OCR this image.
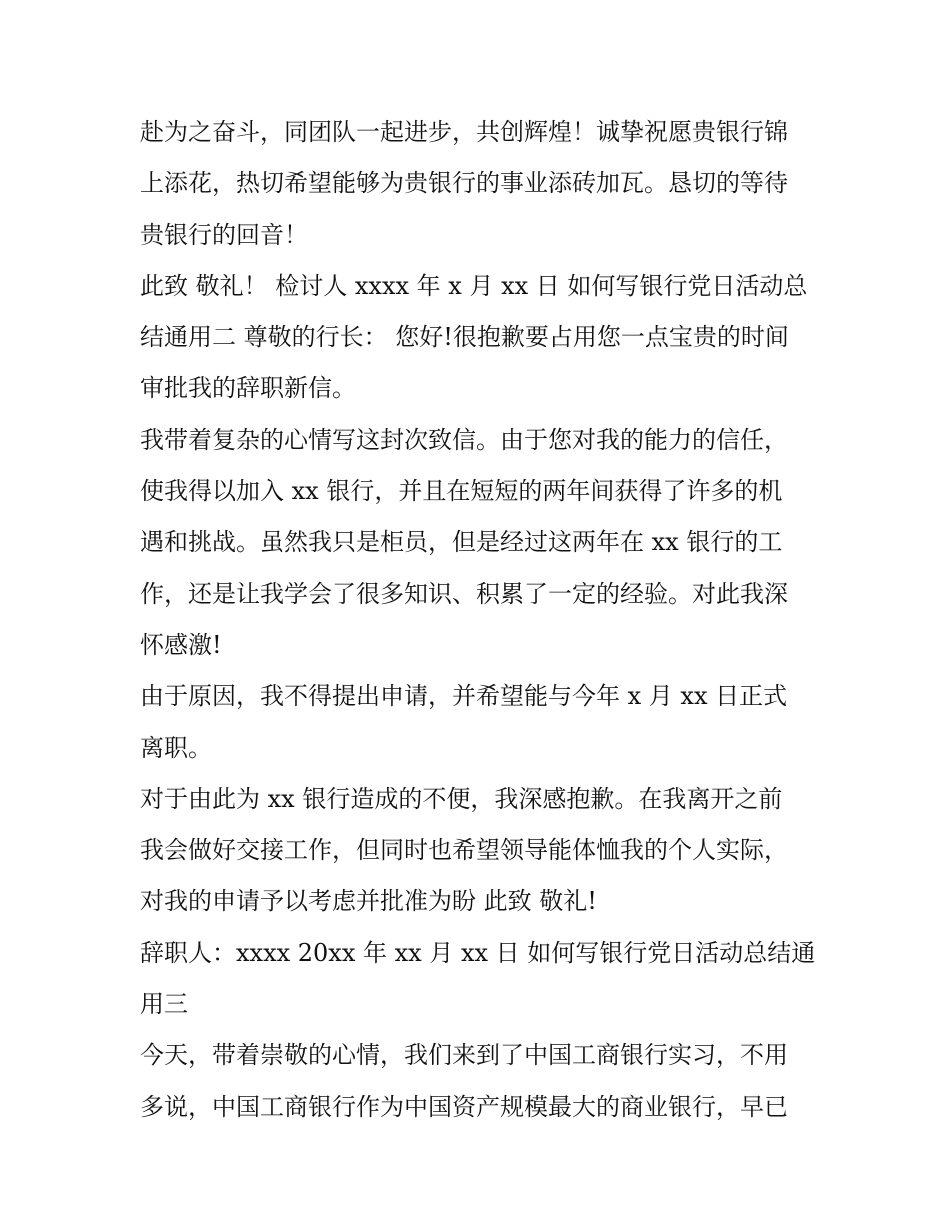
赴为之奋斗，同团队一起进步，共创辉煌！诚挚祝愿贵银行锦
上添花，热切希望能够为贵银行的事业添砖加瓦。恳切的等待
贵银行的回音！
此致 敬礼！ 检讨人 xxxx 年 x 月 xx 日 如何写银行党日活动总
结通用二 尊敬的行长： 您好!很抱歉要占用您一点宝贵的时间
审批我的辞职新信。
我带着复杂的心情写这封次致信。由于您对我的能力的信任，
使我得以加入 xx 银行，并且在短短的两年间获得了许多的机
遇和挑战。虽然我只是柜员，但是经过这两年在 xx 银行的工
作，还是让我学会了很多知识、积累了一定的经验。对此我深
怀感激!
由于原因，我不得提出申请，并希望能与今年 x 月 xx 日正式
离职。
对于由此为 xx 银行造成的不便，我深感抱歉。在我离开之前
我会做好交接工作，但同时也希望领导能体恤我的个人实际，
对我的申请予以考虑并批准为盼 此致 敬礼!
辞职人：xxxx 20xx 年 xx 月 xx 日 如何写银行党日活动总结通
用三
今天，带着崇敬的心情，我们来到了中国工商银行实习，不用
多说，中国工商银行作为中国资产规模最大的商业银行，早已
